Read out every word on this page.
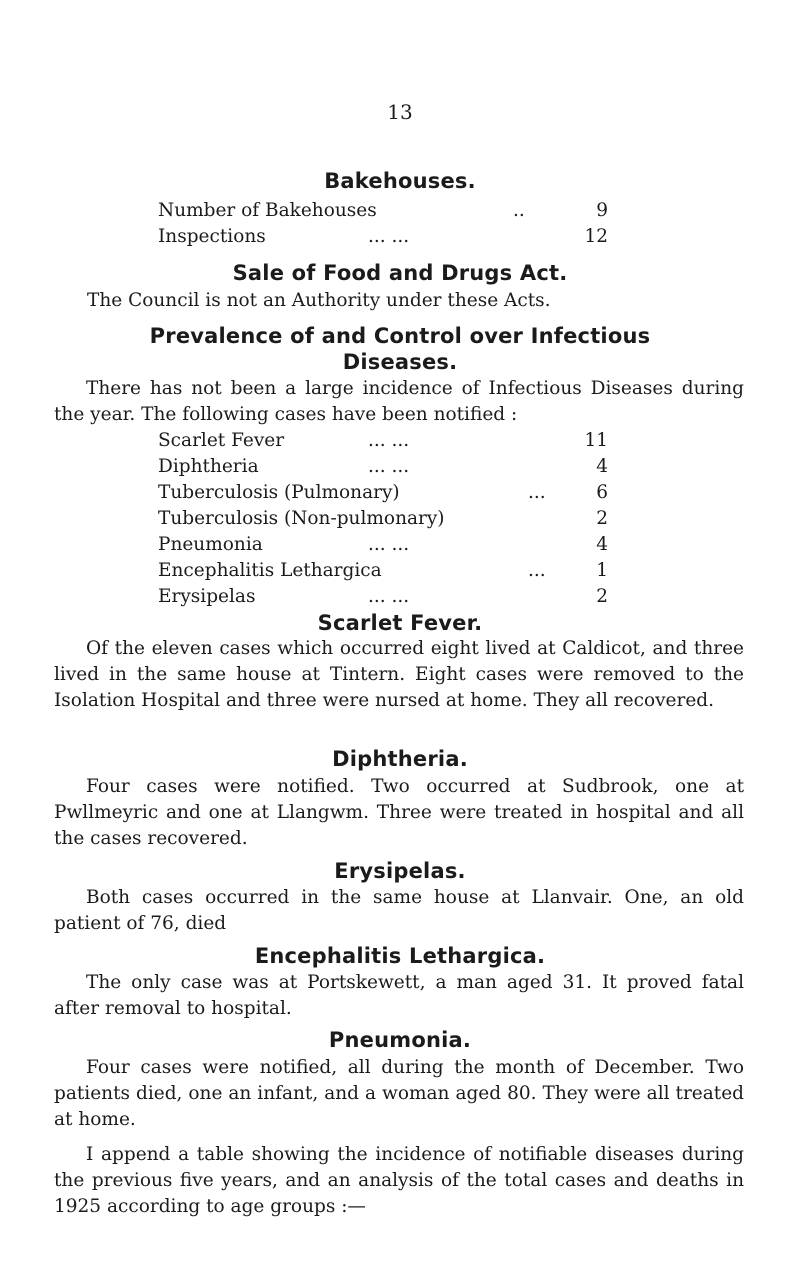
13
Bakehouses.
Number of Bakehouses	..	9
Inspections	... ...	12
Sale of Food and Drugs Act.
The Council is not an Authority under these Acts.
Prevalence of and Control over Infectious
Diseases.
There has not been a large incidence of Infectious Diseases during the year. The following cases have been notified :
Scarlet Fever	... ...	11
Diphtheria	... ...	4
Tuberculosis (Pulmonary)	...	6
Tuberculosis (Non-pulmonary)	2
Pneumonia	... ...	4
Encephalitis Lethargica	...	1
Erysipelas	... ...	2
Scarlet Fever.
Of the eleven cases which occurred eight lived at Caldicot, and three lived in the same house at Tintern. Eight cases were removed to the Isolation Hospital and three were nursed at home. They all recovered.
Diphtheria.
Four cases were notified. Two occurred at Sudbrook, one at Pwllmeyric and one at Llangwm. Three were treated in hospital and all the cases recovered.
Erysipelas.
Both cases occurred in the same house at Llanvair. One, an old patient of 76, died
Encephalitis Lethargica.
The only case was at Portskewett, a man aged 31. It proved fatal after removal to hospital.
Pneumonia.
Four cases were notified, all during the month of December. Two patients died, one an infant, and a woman aged 80. They were all treated at home.
I append a table showing the incidence of notifiable diseases during the previous five years, and an analysis of the total cases and deaths in 1925 according to age groups :—
